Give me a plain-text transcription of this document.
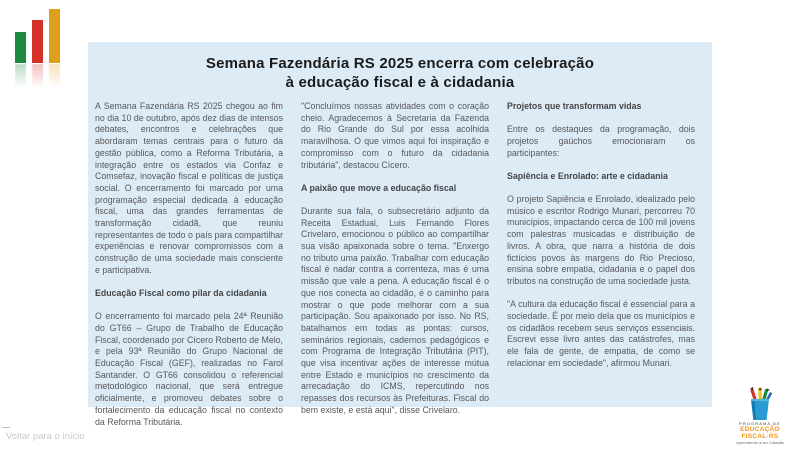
Semana Fazendária RS 2025 encerra com celebração
à educação fiscal e à cidadania

A Semana Fazendária RS 2025 chegou ao fim no dia 10 de outubro, após dez dias de intensos debates, encontros e celebrações que abordaram temas centrais para o futuro da gestão pública, como a Reforma Tributária, a integração entre os estados via Confaz e Comsefaz, inovação fiscal e políticas de justiça social. O encerramento foi marcado por uma programação especial dedicada à educação fiscal, uma das grandes ferramentas de transformação cidadã, que reuniu representantes de todo o país para compartilhar experiências e renovar compromissos com a construção de uma sociedade mais consciente e participativa.

Educação Fiscal como pilar da cidadania

O encerramento foi marcado pela 24ª Reunião do GT66 – Grupo de Trabalho de Educação Fiscal, coordenado por Cícero Roberto de Melo, e pela 93ª Reunião do Grupo Nacional de Educação Fiscal (GEF), realizadas no Farol Santander. O GT66 consolidou o referencial metodológico nacional, que será entregue oficialmente, e promoveu debates sobre o fortalecimento da educação fiscal no contexto da Reforma Tributária.

"Concluímos nossas atividades com o coração cheio. Agradecemos à Secretaria da Fazenda do Rio Grande do Sul por essa acolhida maravilhosa. O que vimos aqui foi inspiração e compromisso com o futuro da cidadania tributária", destacou Cícero.

A paixão que move a educação fiscal

Durante sua fala, o subsecretário adjunto da Receita Estadual, Luis Fernando Flores Crivelaro, emocionou o público ao compartilhar sua visão apaixonada sobre o tema. "Enxergo no tributo uma paixão. Trabalhar com educação fiscal é nadar contra a correnteza, mas é uma missão que vale a pena. A educação fiscal é o que nos conecta ao cidadão, é o caminho para mostrar o que pode melhorar com a sua participação. Sou apaixonado por isso. No RS, batalhamos em todas as pontas: cursos, seminários regionais, cadernos pedagógicos e com Programa de Integração Tributária (PIT), que visa incentivar ações de interesse mútua entre Estado e municípios no crescimento da arrecadação do ICMS, repercutindo nos repasses dos recursos às Prefeituras. Fiscal do bem existe, e está aqui", disse Crivelaro.

Projetos que transformam vidas

Entre os destaques da programação, dois projetos gaúchos emocionaram os participantes:

Sapiência e Enrolado: arte e cidadania

O projeto Sapiência e Enrolado, idealizado pelo músico e escritor Rodrigo Munari, percorreu 70 municípios, impactando cerca de 100 mil jovens com palestras musicadas e distribuição de livros. A obra, que narra a história de dois fictícios povos às margens do Rio Precioso, ensina sobre empatia, cidadania e o papel dos tributos na construção de uma sociedade justa.

"A cultura da educação fiscal é essencial para a sociedade. É por meio dela que os municípios e os cidadãos recebem seus serviços essenciais. Escrevi esse livro antes das catástrofes, mas ele fala de gente, de empatia, de como se relacionar em sociedade", afirmou Munari.

Voltar para o início
PROGRAMA DE
EDUCAÇÃO
FISCAL-RS
Aprendendo a ser Cidadão
